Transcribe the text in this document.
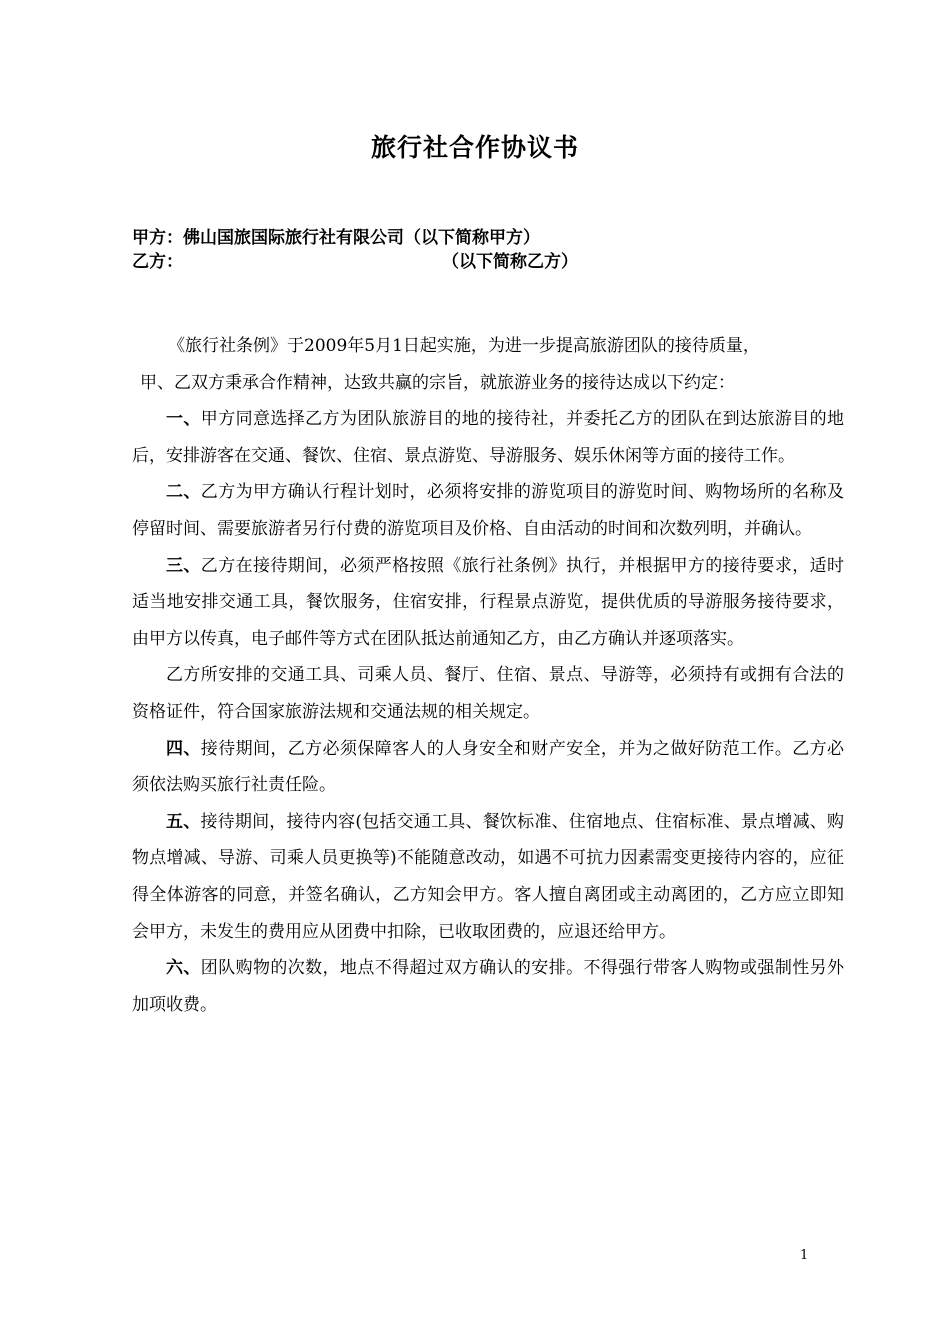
旅行社合作协议书
甲方：佛山国旅国际旅行社有限公司（以下简称甲方）
乙方：	（以下简称乙方）

《旅行社条例》于2009年5月1日起实施，为进一步提高旅游团队的接待质量，

甲、乙双方秉承合作精神，达致共赢的宗旨，就旅游业务的接待达成以下约定：

一、甲方同意选择乙方为团队旅游目的地的接待社，并委托乙方的团队在到达旅游目的地后，安排游客在交通、餐饮、住宿、景点游览、导游服务、娱乐休闲等方面的接待工作。

二、乙方为甲方确认行程计划时，必须将安排的游览项目的游览时间、购物场所的名称及停留时间、需要旅游者另行付费的游览项目及价格、自由活动的时间和次数列明，并确认。

三、乙方在接待期间，必须严格按照《旅行社条例》执行，并根据甲方的接待要求，适时适当地安排交通工具，餐饮服务，住宿安排，行程景点游览，提供优质的导游服务接待要求，由甲方以传真，电子邮件等方式在团队抵达前通知乙方，由乙方确认并逐项落实。

乙方所安排的交通工具、司乘人员、餐厅、住宿、景点、导游等，必须持有或拥有合法的资格证件，符合国家旅游法规和交通法规的相关规定。

四、接待期间，乙方必须保障客人的人身安全和财产安全，并为之做好防范工作。乙方必须依法购买旅行社责任险。

五、接待期间，接待内容(包括交通工具、餐饮标准、住宿地点、住宿标准、景点增减、购物点增减、导游、司乘人员更换等)不能随意改动，如遇不可抗力因素需变更接待内容的，应征得全体游客的同意，并签名确认，乙方知会甲方。客人擅自离团或主动离团的，乙方应立即知会甲方，未发生的费用应从团费中扣除，已收取团费的，应退还给甲方。

六、团队购物的次数，地点不得超过双方确认的安排。不得强行带客人购物或强制性另外加项收费。

1
